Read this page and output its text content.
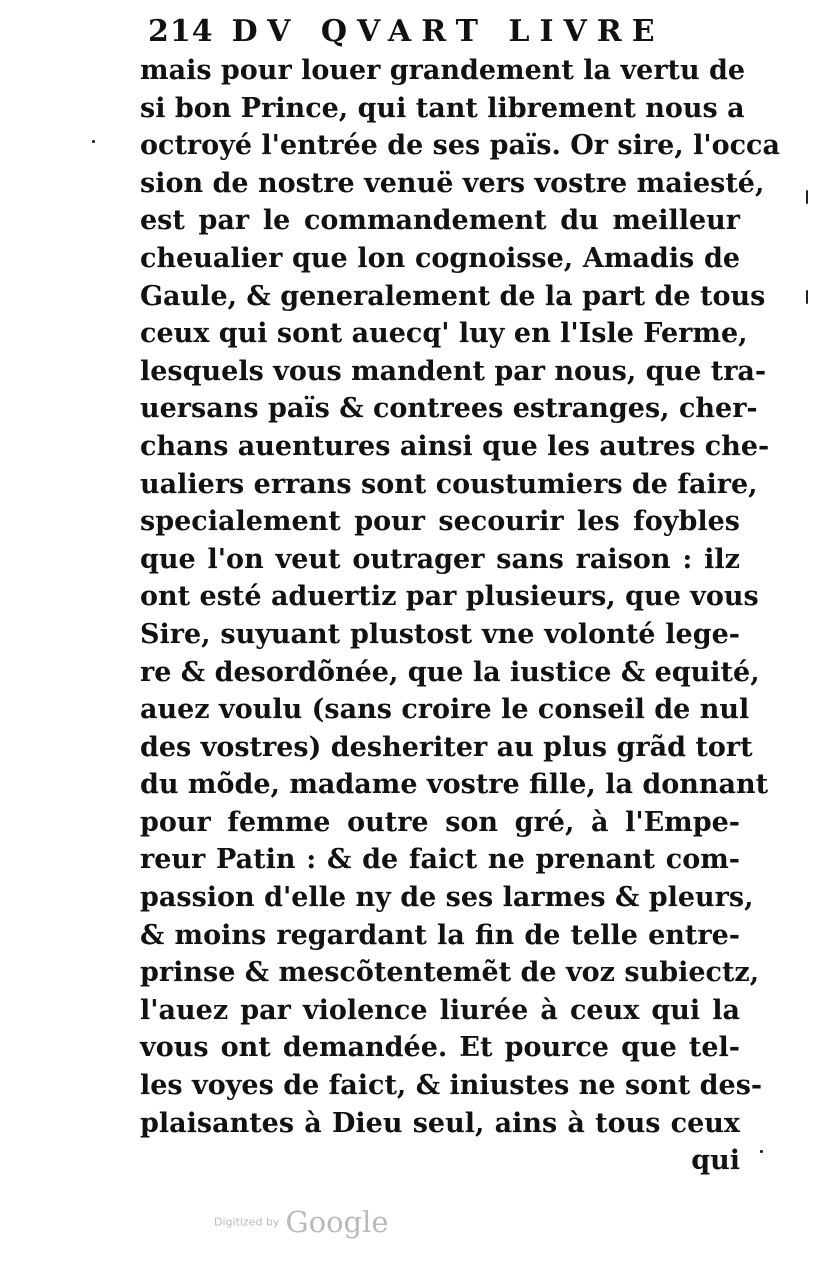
214 DV QVART LIVRE
mais pour louer grandement la vertu de
si bon Prince, qui tant librement nous a
octroyé l'entrée de ses païs. Or sire, l'occa
sion de nostre venuë vers vostre maiesté,
est par le commandement du meilleur
cheualier que lon cognoisse, Amadis de
Gaule, & generalement de la part de tous
ceux qui sont auecq' luy en l'Isle Ferme,
lesquels vous mandent par nous, que tra-
uersans païs & contrees estranges, cher-
chans auentures ainsi que les autres che-
ualiers errans sont coustumiers de faire,
specialement pour secourir les foybles
que l'on veut outrager sans raison : ilz
ont esté aduertiz par plusieurs, que vous
Sire, suyuant plustost vne volonté lege-
re & desordõnée, que la iustice & equité,
auez voulu (sans croire le conseil de nul
des vostres) desheriter au plus grãd tort
du mõde, madame vostre fille, la donnant
pour femme outre son gré, à l'Empe-
reur Patin : & de faict ne prenant com-
passion d'elle ny de ses larmes & pleurs,
& moins regardant la fin de telle entre-
prinse & mescõtentemẽt de voz subiectz,
l'auez par violence liurée à ceux qui la
vous ont demandée. Et pource que tel-
les voyes de faict, & iniustes ne sont des-
plaisantes à Dieu seul, ains à tous ceux
qui
Digitized by Google
